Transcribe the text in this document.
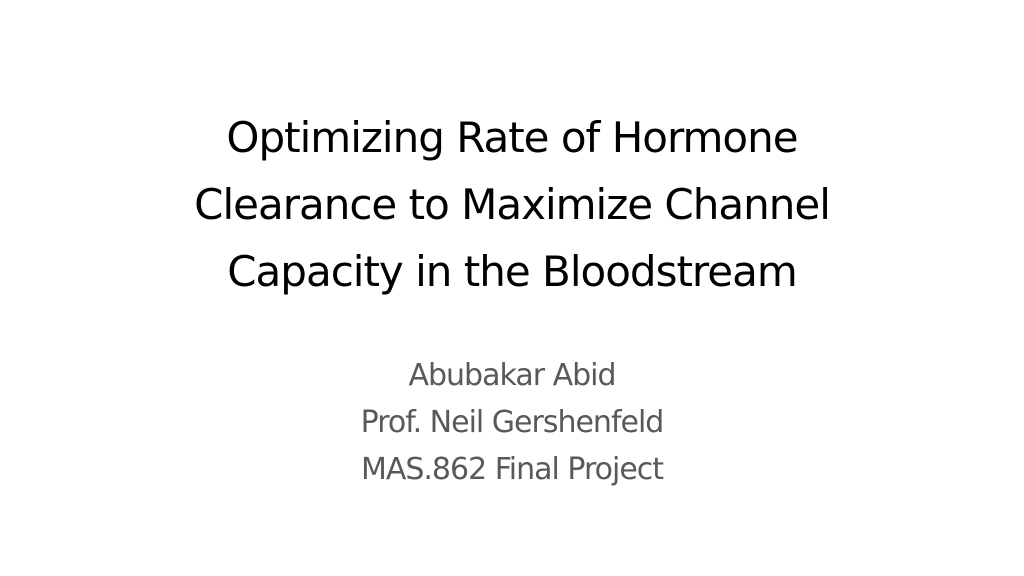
Optimizing Rate of Hormone
Clearance to Maximize Channel
Capacity in the Bloodstream
Abubakar Abid
Prof. Neil Gershenfeld
MAS.862 Final Project
